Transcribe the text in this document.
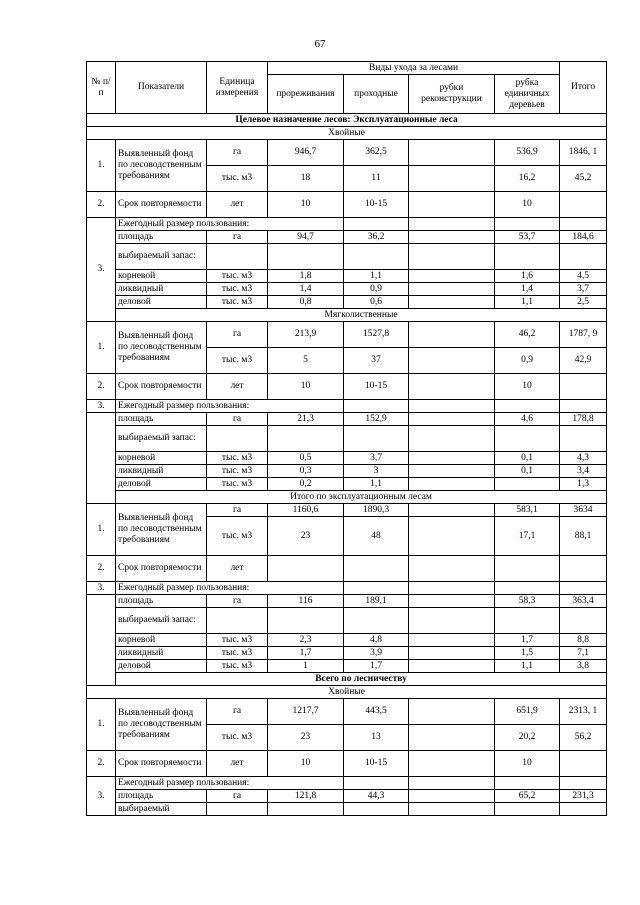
67
№ п/п	Показатели	Единица измерения	Виды ухода за лесами				Итого
			прореживания	проходные	рубки реконструкции	рубка единичных деревьев	
Целевое назначение лесов: Эксплуатационные леса							
Хвойные							
1.	Выявленный фонд по лесоводственным требованиям	га	946,7	362,5		536,9	1846, 1
		тыс. м3	18	11		16,2	45,2
2.	Срок повторяемости	лет	10	10-15		10	
3.	Ежегодный размер пользования:						
	площадь	га	94,7	36,2		53,7	184,6
	выбираемый запас:						
	корневой	тыс. м3	1,8	1,1		1,6	4,5
	ликвидный	тыс. м3	1,4	0,9		1,4	3,7
	деловой	тыс. м3	0,8	0,6		1,1	2,5
	Мягколиственные						
1.	Выявленный фонд по лесоводственным требованиям	га	213,9	1527,8		46,2	1787, 9
		тыс. м3	5	37		0,9	42,9
2.	Срок повторяемости	лет	10	10-15		10	
3.	Ежегодный размер пользования:						
	площадь	га	21,3	152,9		4,6	178,8
	выбираемый запас:						
	корневой	тыс. м3	0,5	3,7		0,1	4,3
	ликвидный	тыс. м3	0,3	3		0,1	3,4
	деловой	тыс. м3	0,2	1,1			1,3
	Итого по эксплуатационным лесам						
1.	Выявленный фонд по лесоводственным требованиям	га	1160,6	1890,3		583,1	3634
		тыс. м3	23	48		17,1	88,1
2.	Срок повторяемости	лет					
3.	Ежегодный размер пользования:						
	площадь	га	116	189,1		58,3	363,4
	выбираемый запас:						
	корневой	тыс. м3	2,3	4,8		1,7	8,8
	ликвидный	тыс. м3	1,7	3,9		1,5	7,1
	деловой	тыс. м3	1	1,7		1,1	3,8
	Всего по лесничеству						
Хвойные							
1.	Выявленный фонд по лесоводственным требованиям	га	1217,7	443,5		651,9	2313, 1
		тыс. м3	23	13		20,2	56,2
2.	Срок повторяемости	лет	10	10-15		10	
3.	Ежегодный размер пользования:						
	площадь	га	121,8	44,3		65,2	231,3
	выбираемый						
